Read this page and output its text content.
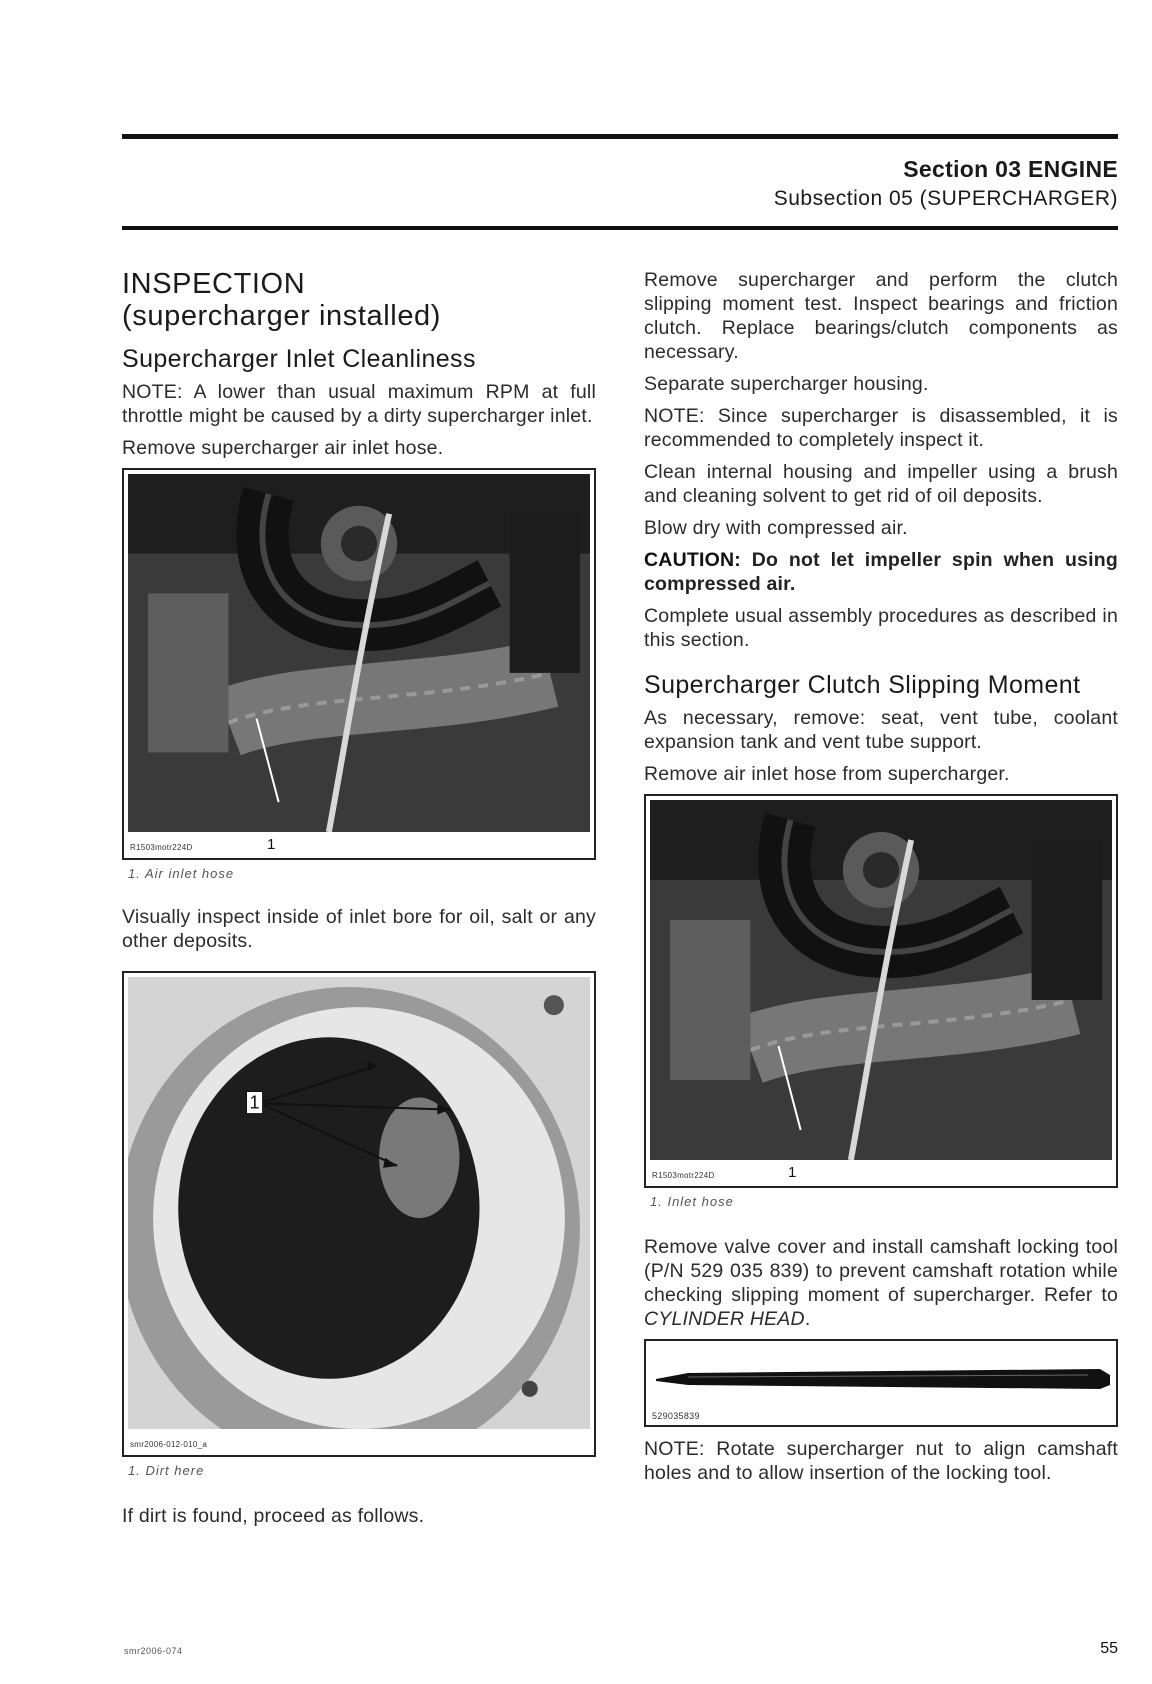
Section 03 ENGINE
Subsection 05 (SUPERCHARGER)
INSPECTION
(supercharger installed)
Supercharger Inlet Cleanliness

NOTE: A lower than usual maximum RPM at full throttle might be caused by a dirty supercharger inlet.

Remove supercharger air inlet hose.

R1503motr224D	1
1. Air inlet hose

Visually inspect inside of inlet bore for oil, salt or any other deposits.

1
smr2006-012-010_a
1. Dirt here

If dirt is found, proceed as follows.

Remove supercharger and perform the clutch slipping moment test. Inspect bearings and friction clutch. Replace bearings/clutch components as necessary.

Separate supercharger housing.

NOTE: Since supercharger is disassembled, it is recommended to completely inspect it.

Clean internal housing and impeller using a brush and cleaning solvent to get rid of oil deposits.

Blow dry with compressed air.

CAUTION: Do not let impeller spin when using compressed air.

Complete usual assembly procedures as described in this section.

Supercharger Clutch Slipping Moment

As necessary, remove: seat, vent tube, coolant expansion tank and vent tube support.

Remove air inlet hose from supercharger.

R1503motr224D	1
1. Inlet hose

Remove valve cover and install camshaft locking tool (P/N 529 035 839) to prevent camshaft rotation while checking slipping moment of supercharger. Refer to CYLINDER HEAD.

529035839

NOTE: Rotate supercharger nut to align camshaft holes and to allow insertion of the locking tool.

smr2006-074	55
